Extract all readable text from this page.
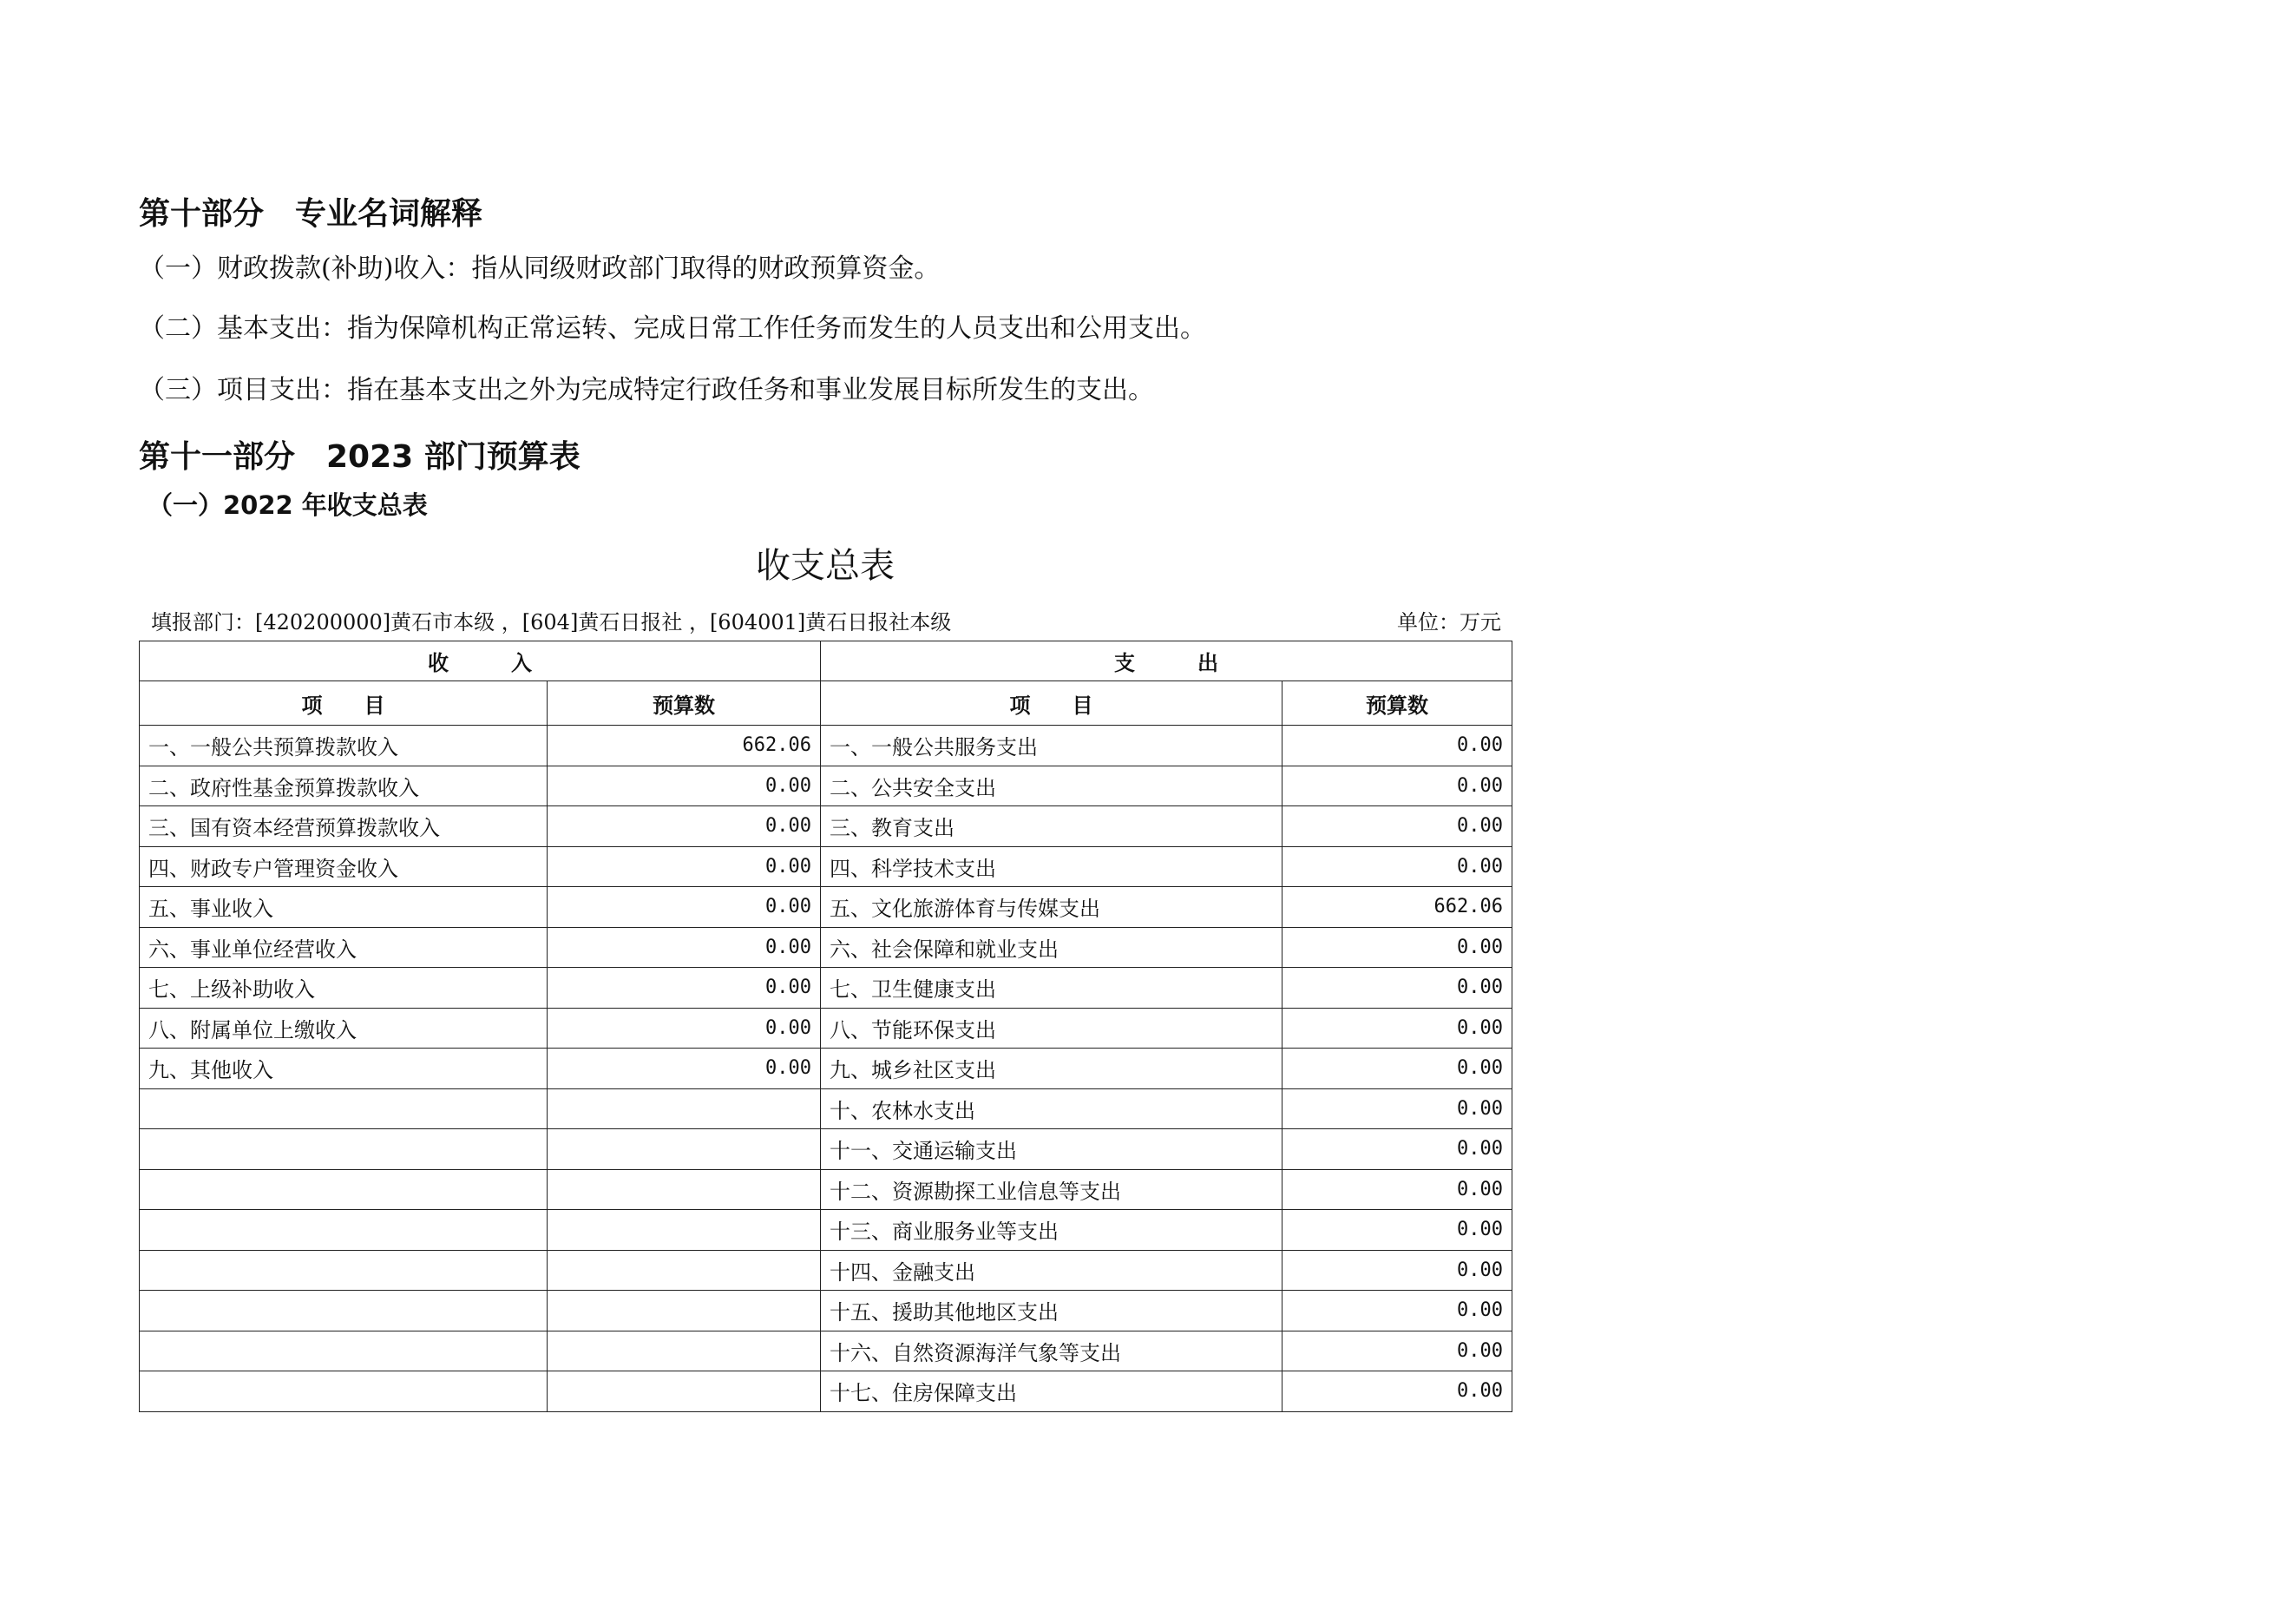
第十部分　专业名词解释
（一）财政拨款(补助)收入：指从同级财政部门取得的财政预算资金。
（二）基本支出：指为保障机构正常运转、完成日常工作任务而发生的人员支出和公用支出。
（三）项目支出：指在基本支出之外为完成特定行政任务和事业发展目标所发生的支出。
第十一部分　2023 部门预算表
（一）2022 年收支总表
收支总表
填报部门：[420200000]黄石市本级 ，[604]黄石日报社 ，[604001]黄石日报社本级	单位：万元
收　　　入		支　　　出	
项　　目	预算数	项　　目	预算数
一、一般公共预算拨款收入	662.06	一、一般公共服务支出	0.00
二、政府性基金预算拨款收入	0.00	二、公共安全支出	0.00
三、国有资本经营预算拨款收入	0.00	三、教育支出	0.00
四、财政专户管理资金收入	0.00	四、科学技术支出	0.00
五、事业收入	0.00	五、文化旅游体育与传媒支出	662.06
六、事业单位经营收入	0.00	六、社会保障和就业支出	0.00
七、上级补助收入	0.00	七、卫生健康支出	0.00
八、附属单位上缴收入	0.00	八、节能环保支出	0.00
九、其他收入	0.00	九、城乡社区支出	0.00
		十、农林水支出	0.00
		十一、交通运输支出	0.00
		十二、资源勘探工业信息等支出	0.00
		十三、商业服务业等支出	0.00
		十四、金融支出	0.00
		十五、援助其他地区支出	0.00
		十六、自然资源海洋气象等支出	0.00
		十七、住房保障支出	0.00
